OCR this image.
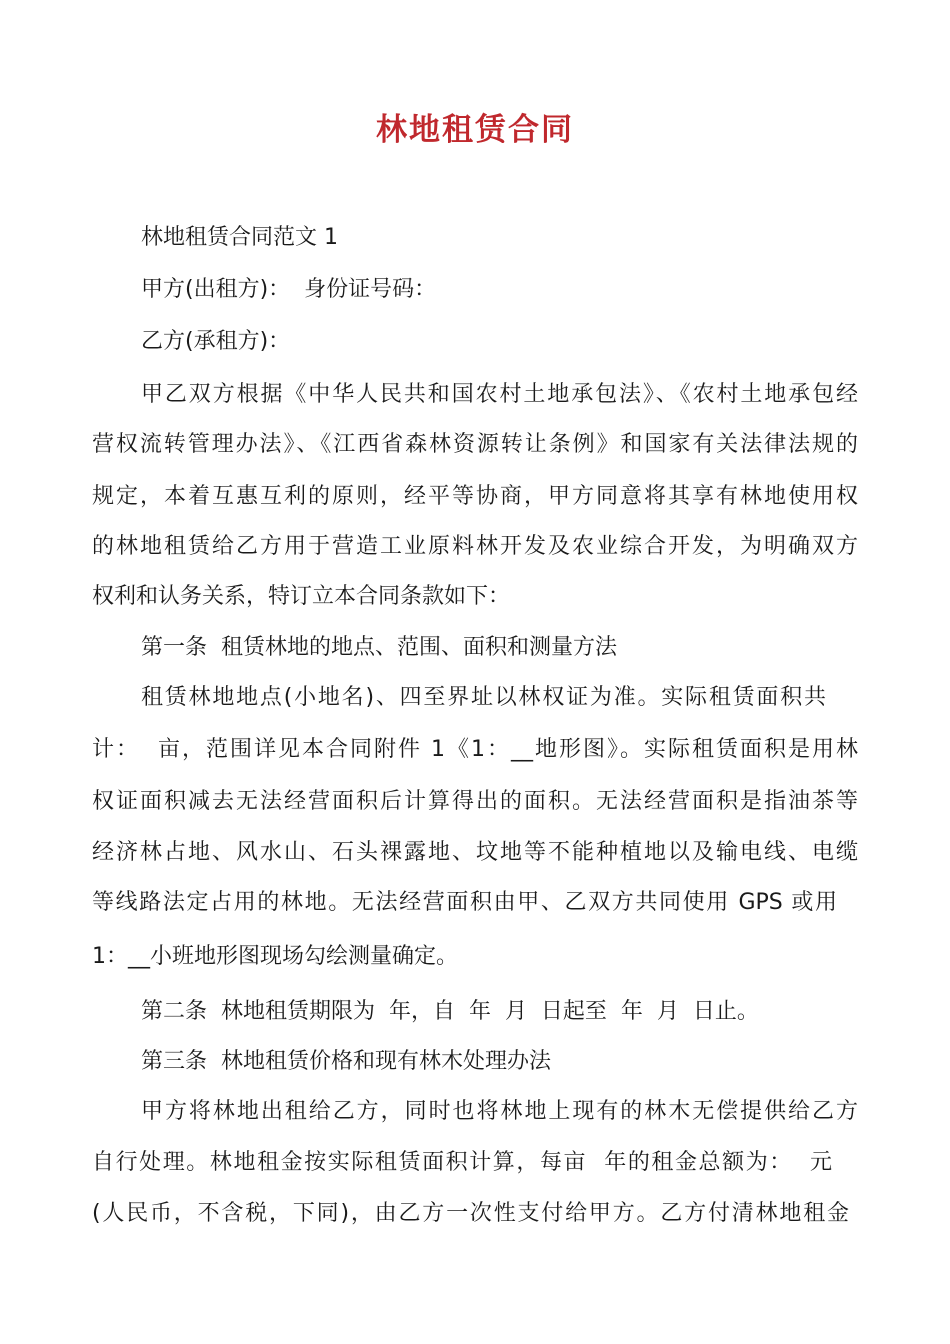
林地租赁合同
林地租赁合同范文 1
甲方(出租方)：  身份证号码：
乙方(承租方)：
甲乙双方根据《中华人民共和国农村土地承包法》、《农村土地承包经
营权流转管理办法》、《江西省森林资源转让条例》和国家有关法律法规的
规定，本着互惠互利的原则，经平等协商，甲方同意将其享有林地使用权
的林地租赁给乙方用于营造工业原料林开发及农业综合开发，为明确双方
权利和认务关系，特订立本合同条款如下：
第一条  租赁林地的地点、范围、面积和测量方法
租赁林地地点(小地名)、四至界址以林权证为准。实际租赁面积共
计：  亩，范围详见本合同附件 1《1：__地形图》。实际租赁面积是用林
权证面积减去无法经营面积后计算得出的面积。无法经营面积是指油茶等
经济林占地、风水山、石头裸露地、坟地等不能种植地以及输电线、电缆
等线路法定占用的林地。无法经营面积由甲、乙双方共同使用 GPS 或用
1：__小班地形图现场勾绘测量确定。
第二条  林地租赁期限为  年，自  年  月  日起至  年  月  日止。
第三条  林地租赁价格和现有林木处理办法
甲方将林地出租给乙方，同时也将林地上现有的林木无偿提供给乙方
自行处理。林地租金按实际租赁面积计算，每亩  年的租金总额为：  元
(人民币，不含税，下同)，由乙方一次性支付给甲方。乙方付清林地租金
